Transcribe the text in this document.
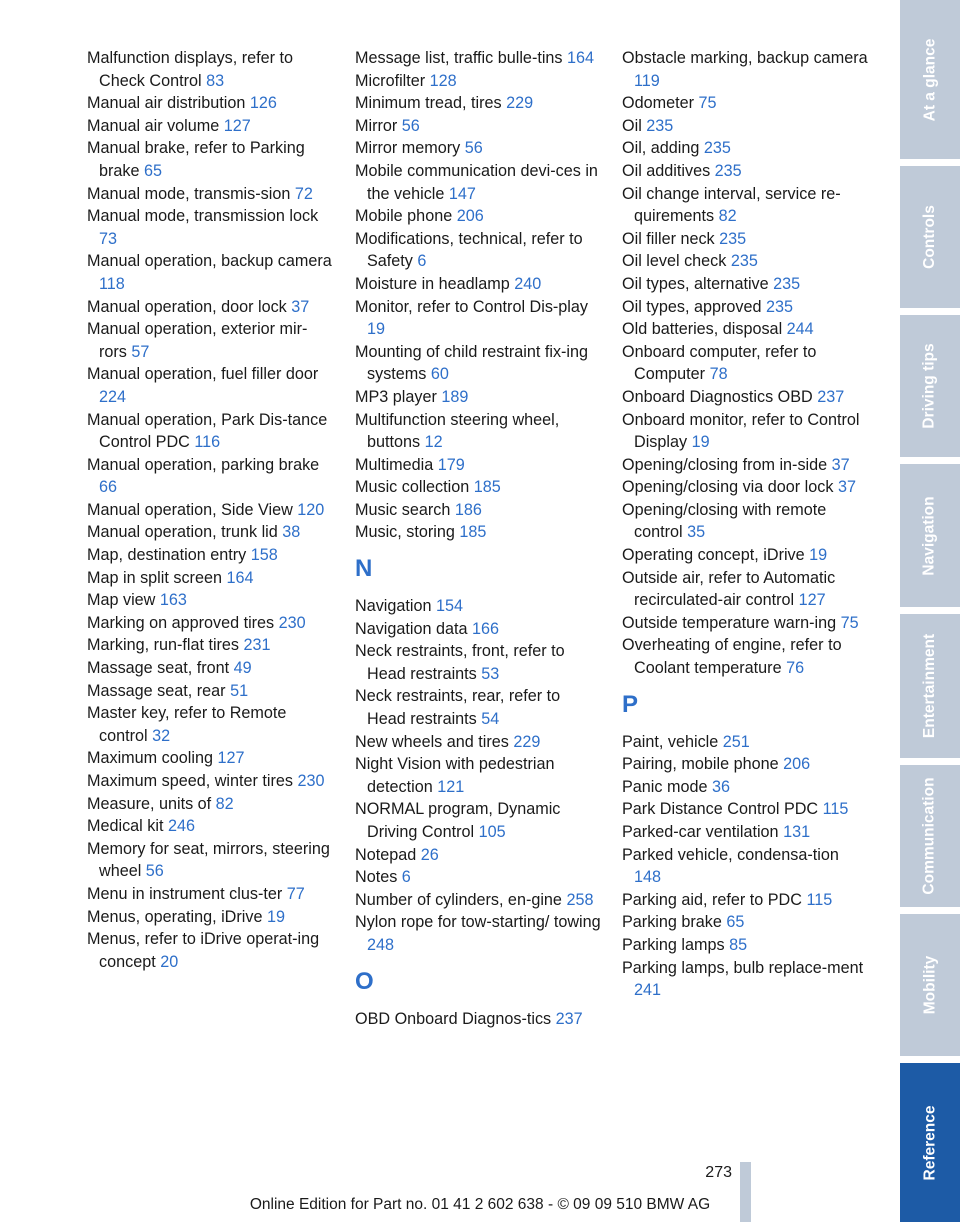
Malfunction displays, refer to Check Control 83
Manual air distribution 126
Manual air volume 127
Manual brake, refer to Parking brake 65
Manual mode, transmis-sion 72
Manual mode, transmission lock 73
Manual operation, backup camera 118
Manual operation, door lock 37
Manual operation, exterior mir-rors 57
Manual operation, fuel filler door 224
Manual operation, Park Dis-tance Control PDC 116
Manual operation, parking brake 66
Manual operation, Side View 120
Manual operation, trunk lid 38
Map, destination entry 158
Map in split screen 164
Map view 163
Marking on approved tires 230
Marking, run-flat tires 231
Massage seat, front 49
Massage seat, rear 51
Master key, refer to Remote control 32
Maximum cooling 127
Maximum speed, winter tires 230
Measure, units of 82
Medical kit 246
Memory for seat, mirrors, steering wheel 56
Menu in instrument clus-ter 77
Menus, operating, iDrive 19
Menus, refer to iDrive operat-ing concept 20
Message list, traffic bulle-tins 164
Microfilter 128
Minimum tread, tires 229
Mirror 56
Mirror memory 56
Mobile communication devi-ces in the vehicle 147
Mobile phone 206
Modifications, technical, refer to Safety 6
Moisture in headlamp 240
Monitor, refer to Control Dis-play 19
Mounting of child restraint fix-ing systems 60
MP3 player 189
Multifunction steering wheel, buttons 12
Multimedia 179
Music collection 185
Music search 186
Music, storing 185
N
Navigation 154
Navigation data 166
Neck restraints, front, refer to Head restraints 53
Neck restraints, rear, refer to Head restraints 54
New wheels and tires 229
Night Vision with pedestrian detection 121
NORMAL program, Dynamic Driving Control 105
Notepad 26
Notes 6
Number of cylinders, en-gine 258
Nylon rope for tow-starting/ towing 248
O
OBD Onboard Diagnos-tics 237
Obstacle marking, backup camera 119
Odometer 75
Oil 235
Oil, adding 235
Oil additives 235
Oil change interval, service re-quirements 82
Oil filler neck 235
Oil level check 235
Oil types, alternative 235
Oil types, approved 235
Old batteries, disposal 244
Onboard computer, refer to Computer 78
Onboard Diagnostics OBD 237
Onboard monitor, refer to Control Display 19
Opening/closing from in-side 37
Opening/closing via door lock 37
Opening/closing with remote control 35
Operating concept, iDrive 19
Outside air, refer to Automatic recirculated-air control 127
Outside temperature warn-ing 75
Overheating of engine, refer to Coolant temperature 76
P
Paint, vehicle 251
Pairing, mobile phone 206
Panic mode 36
Park Distance Control PDC 115
Parked-car ventilation 131
Parked vehicle, condensa-tion 148
Parking aid, refer to PDC 115
Parking brake 65
Parking lamps 85
Parking lamps, bulb replace-ment 241
At a glance
Controls
Driving tips
Navigation
Entertainment
Communication
Mobility
Reference
273
Online Edition for Part no. 01 41 2 602 638 - © 09 09 510 BMW AG
